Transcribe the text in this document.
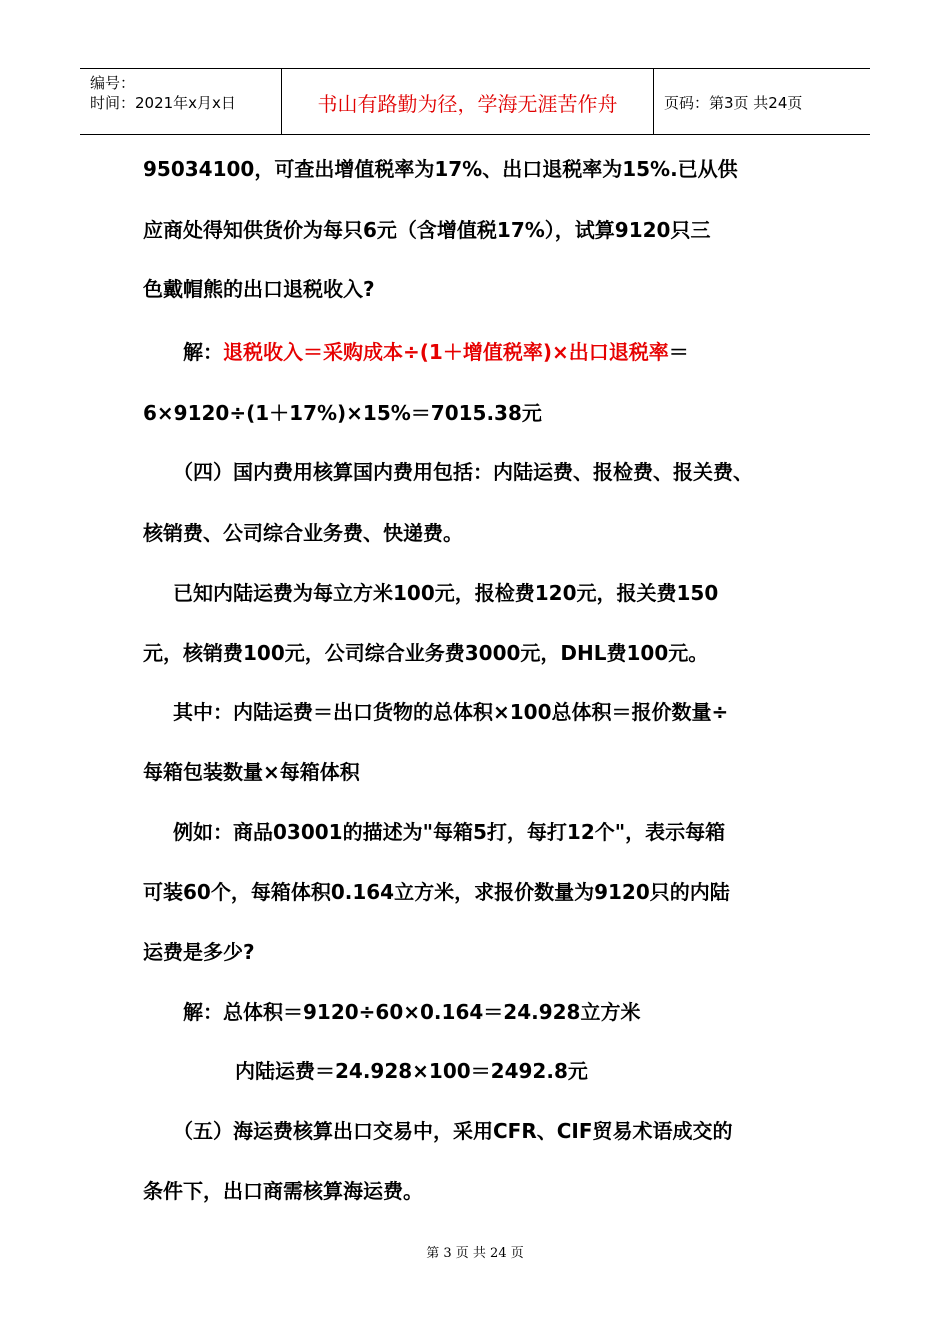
编号：
时间：2021年x月x日	书山有路勤为径，学海无涯苦作舟	页码：第3页 共24页
95034100，可查出增值税率为17%、出口退税率为15%.已从供
应商处得知供货价为每只6元（含增值税17%），试算9120只三
色戴帽熊的出口退税收入?
解：退税收入＝采购成本÷(1＋增值税率)×出口退税率＝
6×9120÷(1＋17%)×15%＝7015.38元
（四）国内费用核算国内费用包括：内陆运费、报检费、报关费、
核销费、公司综合业务费、快递费。
已知内陆运费为每立方米100元，报检费120元，报关费150
元，核销费100元，公司综合业务费3000元，DHL费100元。
其中：内陆运费＝出口货物的总体积×100总体积＝报价数量÷
每箱包装数量×每箱体积
例如：商品03001的描述为"每箱5打，每打12个"，表示每箱
可装60个，每箱体积0.164立方米，求报价数量为9120只的内陆
运费是多少?
解：总体积＝9120÷60×0.164＝24.928立方米
内陆运费＝24.928×100＝2492.8元
（五）海运费核算出口交易中，采用CFR、CIF贸易术语成交的
条件下，出口商需核算海运费。
第 3 页 共 24 页
